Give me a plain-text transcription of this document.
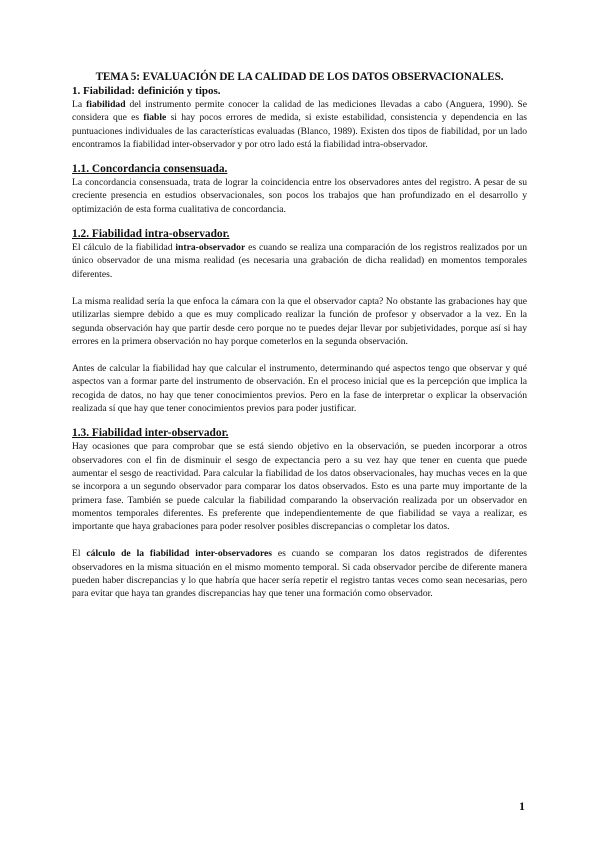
TEMA 5: EVALUACIÓN DE LA CALIDAD DE LOS DATOS OBSERVACIONALES.
1. Fiabilidad: definición y tipos.

La fiabilidad del instrumento permite conocer la calidad de las mediciones llevadas a cabo (Anguera, 1990). Se considera que es fiable si hay pocos errores de medida, si existe estabilidad, consistencia y dependencia en las puntuaciones individuales de las características evaluadas (Blanco, 1989). Existen dos tipos de fiabilidad, por un lado encontramos la fiabilidad inter-observador y por otro lado está la fiabilidad intra-observador.

1.1. Concordancia consensuada.

La concordancia consensuada, trata de lograr la coincidencia entre los observadores antes del registro. A pesar de su creciente presencia en estudios observacionales, son pocos los trabajos que han profundizado en el desarrollo y optimización de esta forma cualitativa de concordancia.

1.2. Fiabilidad intra-observador.

El cálculo de la fiabilidad intra-observador es cuando se realiza una comparación de los registros realizados por un único observador de una misma realidad (es necesaria una grabación de dicha realidad) en momentos temporales diferentes.

La misma realidad sería la que enfoca la cámara con la que el observador capta? No obstante las grabaciones hay que utilizarlas siempre debido a que es muy complicado realizar la función de profesor y observador a la vez. En la segunda observación hay que partir desde cero porque no te puedes dejar llevar por subjetividades, porque así si hay errores en la primera observación no hay porque cometerlos en la segunda observación.

Antes de calcular la fiabilidad hay que calcular el instrumento, determinando qué aspectos tengo que observar y qué aspectos van a formar parte del instrumento de observación. En el proceso inicial que es la percepción que implica la recogida de datos, no hay que tener conocimientos previos. Pero en la fase de interpretar o explicar la observación realizada sí que hay que tener conocimientos previos para poder justificar.

1.3. Fiabilidad inter-observador.

Hay ocasiones que para comprobar que se está siendo objetivo en la observación, se pueden incorporar a otros observadores con el fin de disminuir el sesgo de expectancia pero a su vez hay que tener en cuenta que puede aumentar el sesgo de reactividad. Para calcular la fiabilidad de los datos observacionales, hay muchas veces en la que se incorpora a un segundo observador para comparar los datos observados. Esto es una parte muy importante de la primera fase. También se puede calcular la fiabilidad comparando la observación realizada por un observador en momentos temporales diferentes. Es preferente que independientemente de que fiabilidad se vaya a realizar, es importante que haya grabaciones para poder resolver posibles discrepancias o completar los datos.

El cálculo de la fiabilidad inter-observadores es cuando se comparan los datos registrados de diferentes observadores en la misma situación en el mismo momento temporal. Si cada observador percibe de diferente manera pueden haber discrepancias y lo que habría que hacer sería repetir el registro tantas veces como sean necesarias, pero para evitar que haya tan grandes discrepancias hay que tener una formación como observador.

1
